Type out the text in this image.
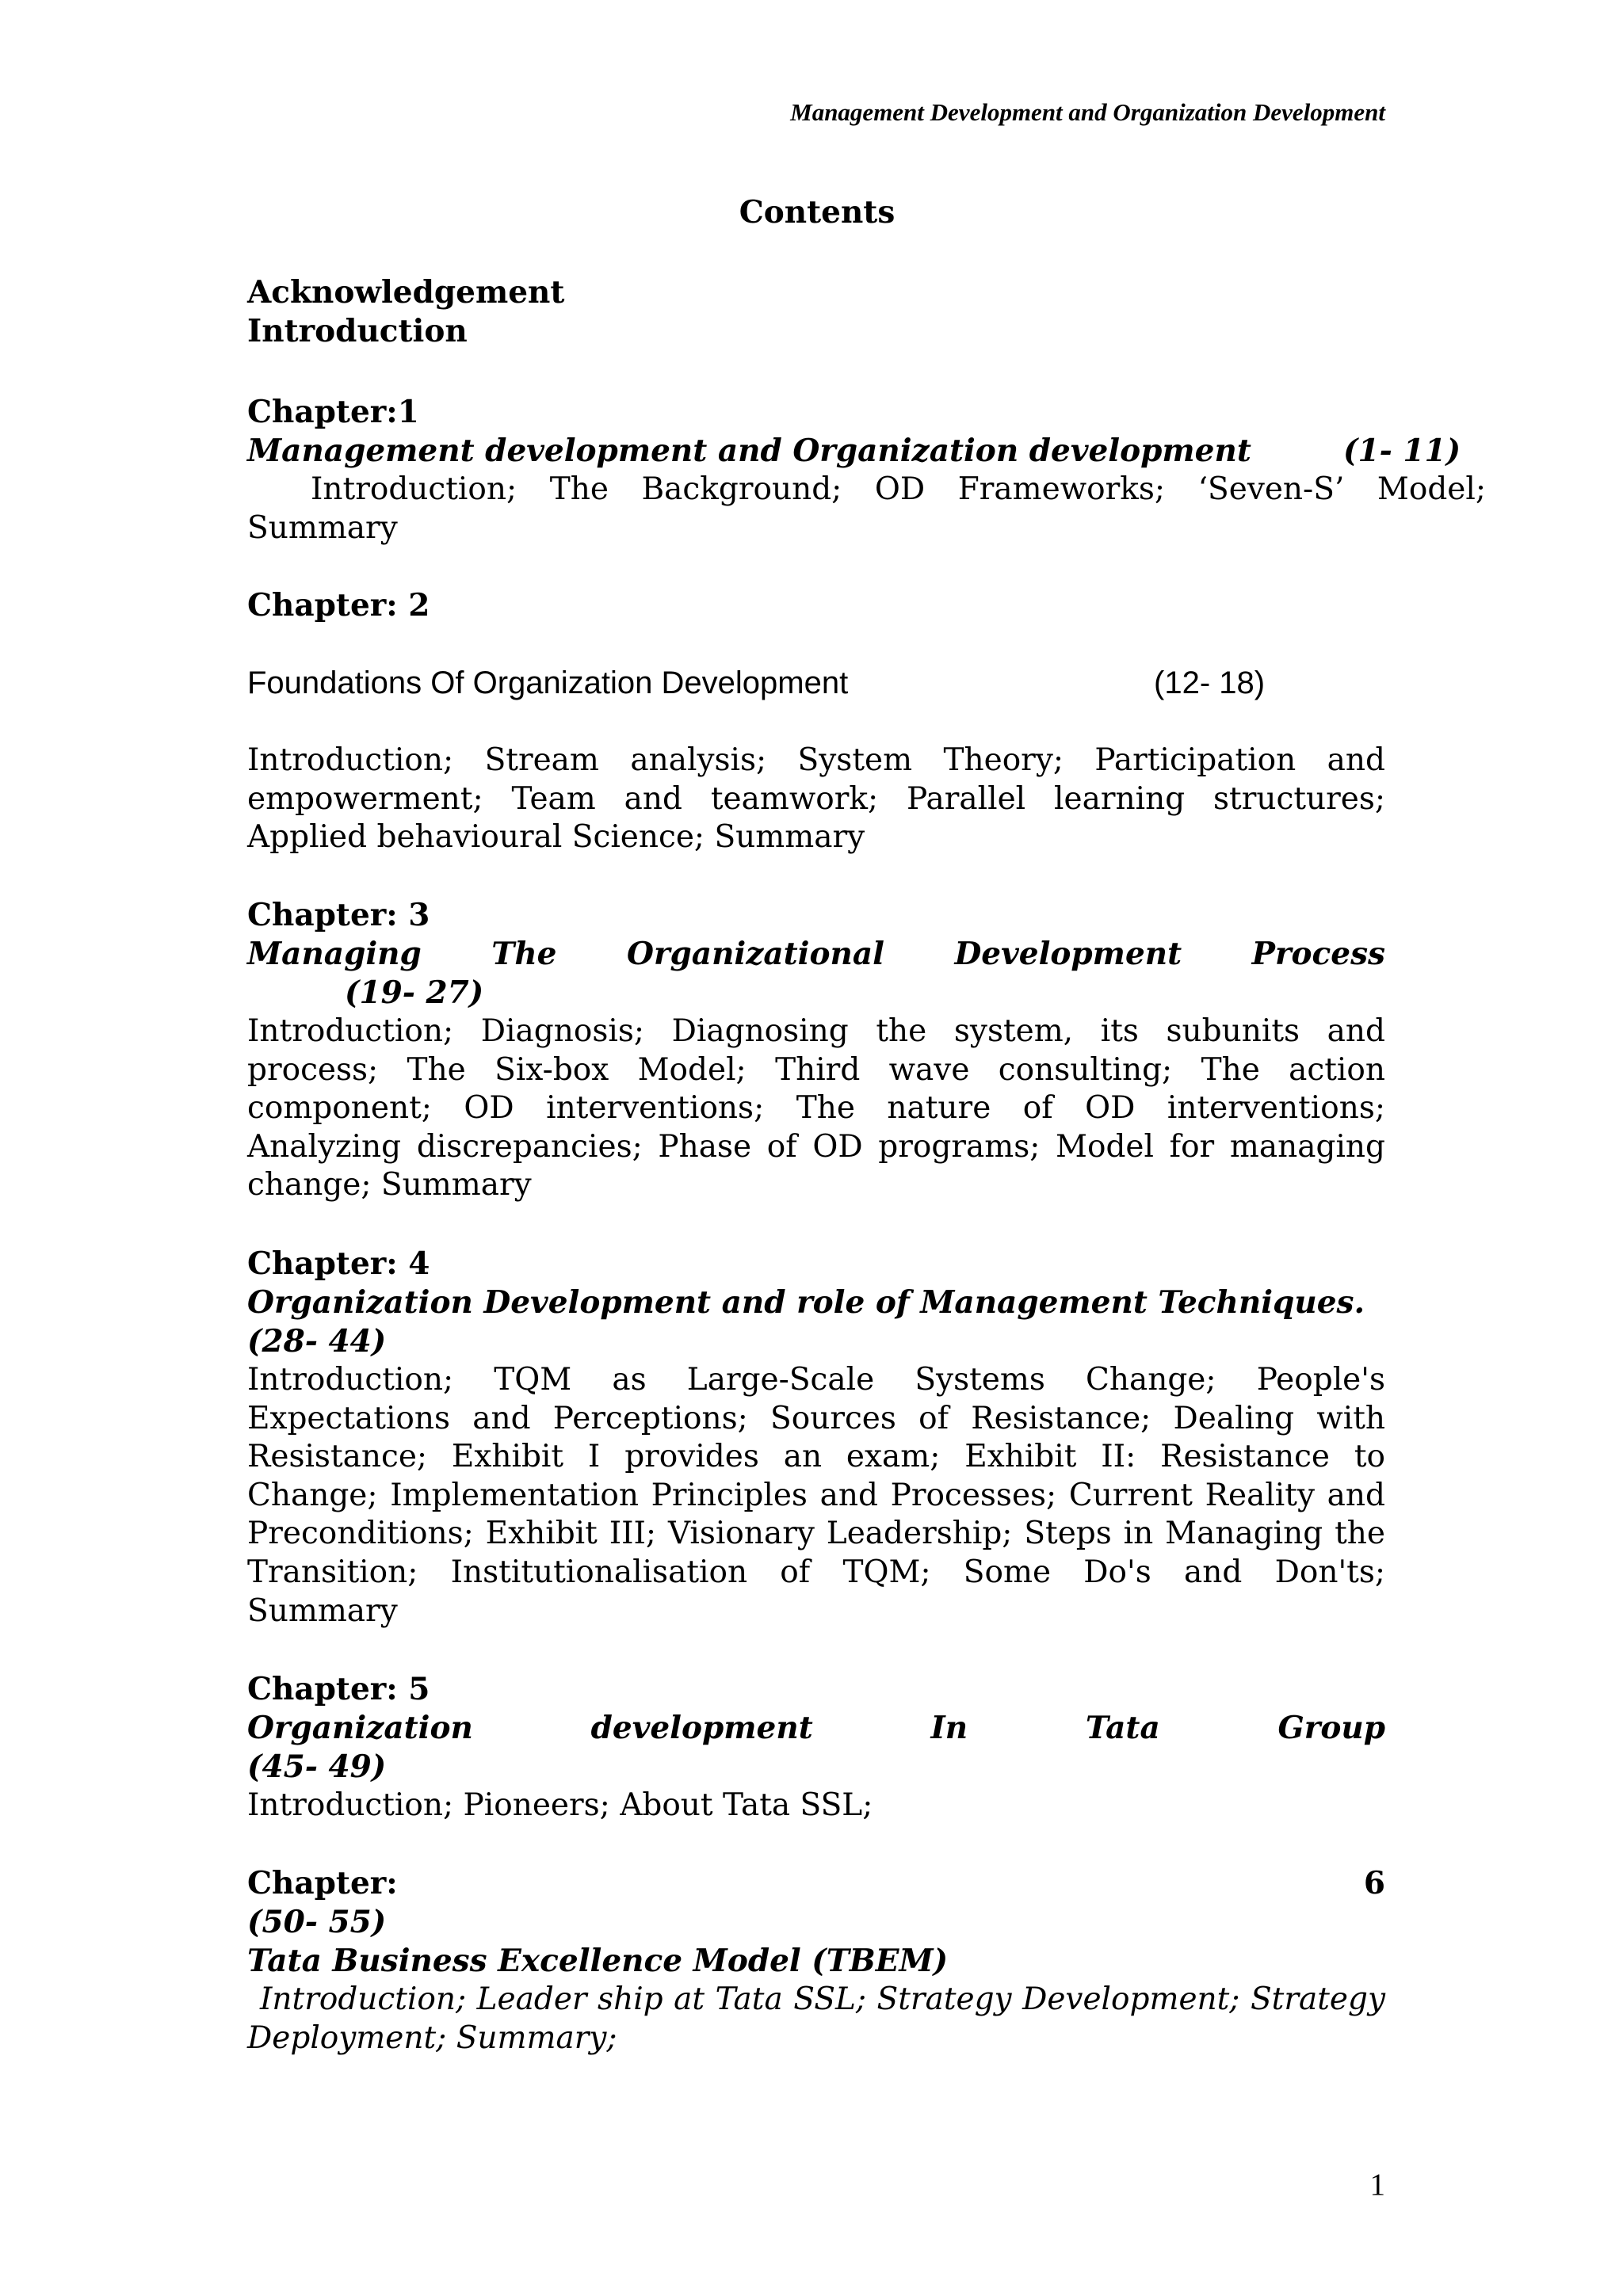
Management Development and Organization Development
Contents
Acknowledgement
Introduction
Chapter:1
Management development and Organization development	(1- 11)
Introduction; The Background; OD Frameworks; ‘Seven-S’ Model;
Summary
Chapter: 2
Foundations Of Organization Development	(12- 18)
Introduction; Stream analysis; System Theory; Participation and empowerment; Team and teamwork; Parallel learning structures; Applied behavioural Science; Summary
Chapter: 3
Managing The Organizational Development Process
(19- 27)
Introduction; Diagnosis; Diagnosing the system, its subunits and process; The Six-box Model; Third wave consulting; The action component; OD interventions; The nature of OD interventions; Analyzing discrepancies; Phase of OD programs; Model for managing change; Summary
Chapter: 4
Organization Development and role of Management Techniques.
(28- 44)
Introduction; TQM as Large-Scale Systems Change; People's Expectations and Perceptions; Sources of Resistance; Dealing with Resistance; Exhibit I provides an exam; Exhibit II: Resistance to Change; Implementation Principles and Processes; Current Reality and Preconditions; Exhibit III; Visionary Leadership; Steps in Managing the Transition; Institutionalisation of TQM; Some Do's and Don'ts; Summary
Chapter: 5
Organization	development	In	Tata	Group
(45- 49)
Introduction; Pioneers; About Tata SSL;
Chapter:	6
(50- 55)
Tata Business Excellence Model (TBEM)
Introduction; Leader ship at Tata SSL; Strategy Development; Strategy Deployment; Summary;
1
